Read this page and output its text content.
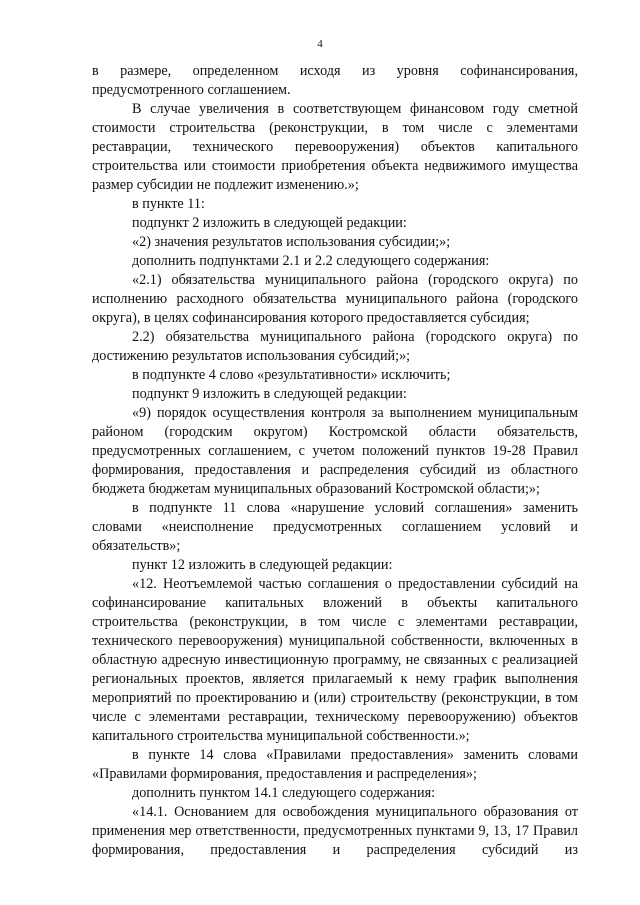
4

в размере, определенном исходя из уровня софинансирования, предусмотренного соглашением.

В случае увеличения в соответствующем финансовом году сметной стоимости строительства (реконструкции, в том числе с элементами реставрации, технического перевооружения) объектов капитального строительства или стоимости приобретения объекта недвижимого имущества размер субсидии не подлежит изменению.»;

в пункте 11:

подпункт 2 изложить в следующей редакции:

«2) значения результатов использования субсидии;»;

дополнить подпунктами 2.1 и 2.2 следующего содержания:

«2.1) обязательства муниципального района (городского округа) по исполнению расходного обязательства муниципального района (городского округа), в целях софинансирования которого предоставляется субсидия;

2.2) обязательства муниципального района (городского округа) по достижению результатов использования субсидий;»;

в подпункте 4 слово «результативности» исключить;

подпункт 9 изложить в следующей редакции:

«9) порядок осуществления контроля за выполнением муниципальным районом (городским округом) Костромской области обязательств, предусмотренных соглашением, с учетом положений пунктов 19-28 Правил формирования, предоставления и распределения субсидий из областного бюджета бюджетам муниципальных образований Костромской области;»;

в подпункте 11 слова «нарушение условий соглашения» заменить словами «неисполнение предусмотренных соглашением условий и обязательств»;

пункт 12 изложить в следующей редакции:

«12. Неотъемлемой частью соглашения о предоставлении субсидий на софинансирование капитальных вложений в объекты капитального строительства (реконструкции, в том числе с элементами реставрации, технического перевооружения) муниципальной собственности, включенных в областную адресную инвестиционную программу, не связанных с реализацией региональных проектов, является прилагаемый к нему график выполнения мероприятий по проектированию и (или) строительству (реконструкции, в том числе с элементами реставрации, техническому перевооружению) объектов капитального строительства муниципальной собственности.»;

в пункте 14 слова «Правилами предоставления» заменить словами «Правилами формирования, предоставления и распределения»;

дополнить пунктом 14.1 следующего содержания:

«14.1. Основанием для освобождения муниципального образования от применения мер ответственности, предусмотренных пунктами 9, 13, 17 Правил формирования, предоставления и распределения субсидий из
